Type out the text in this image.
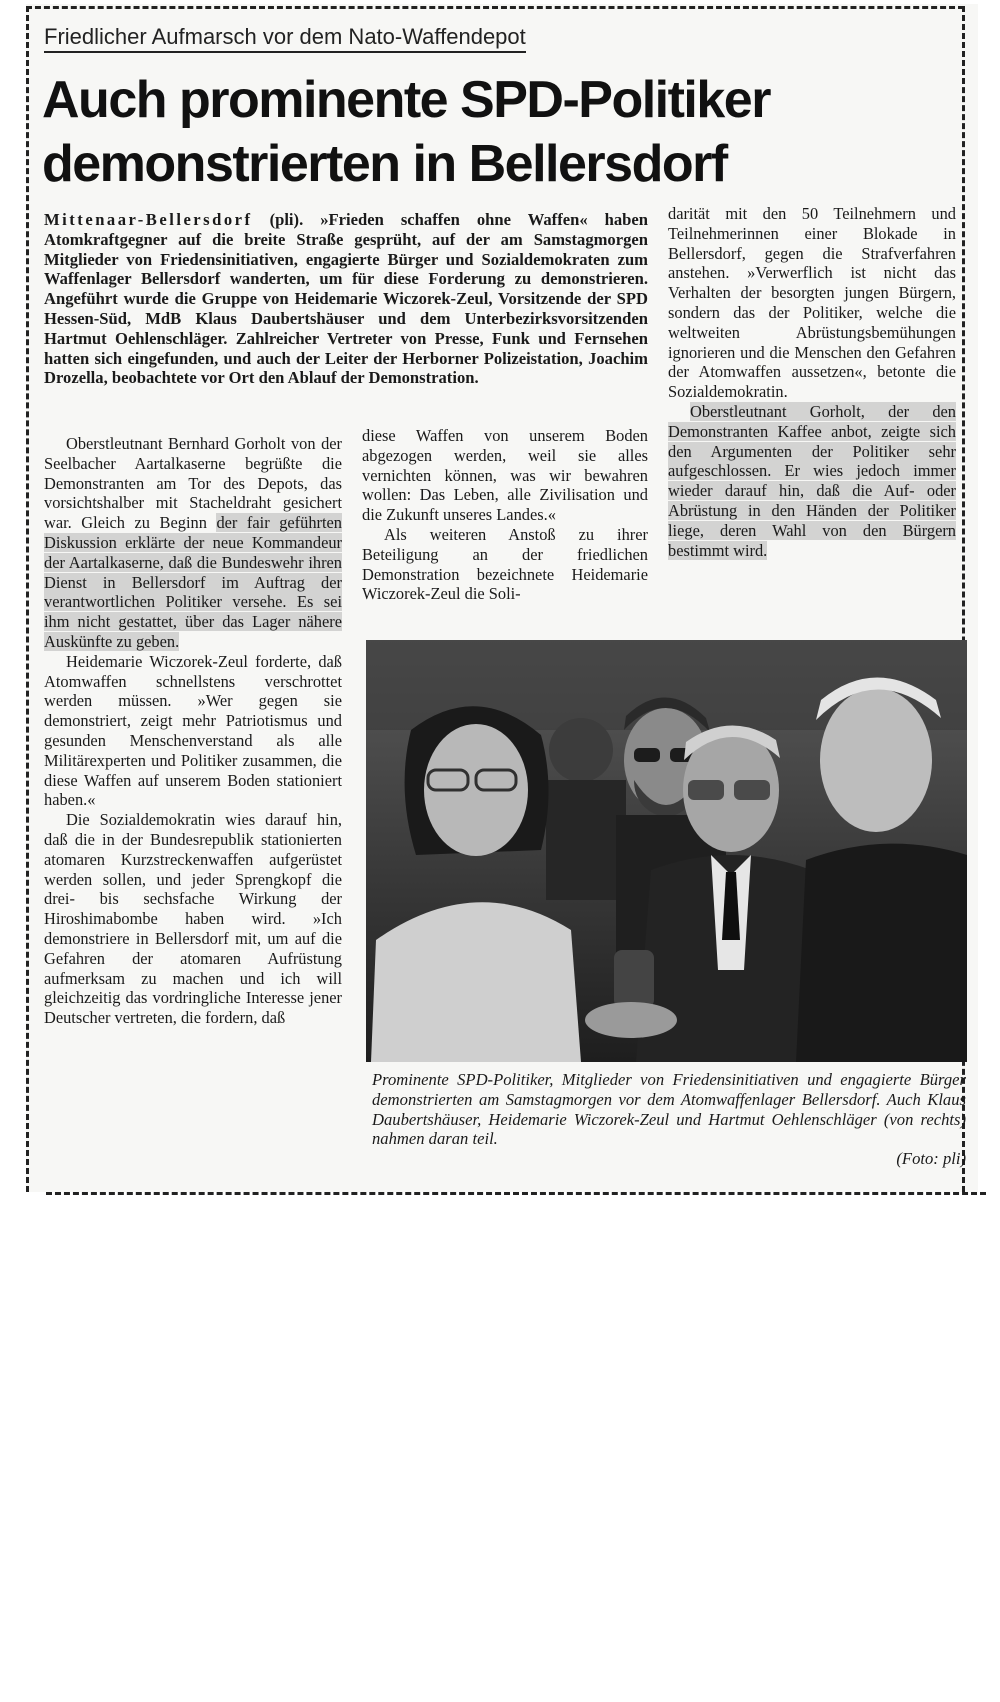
Friedlicher Aufmarsch vor dem Nato-Waffendepot
Auch prominente SPD-Politiker
demonstrierten in Bellersdorf
Mittenaar-Bellersdorf (pli). »Frieden schaffen ohne Waffen« haben Atomkraftgegner auf die breite Straße gesprüht, auf der am Samstagmorgen Mitglieder von Friedensinitiativen, engagierte Bürger und Sozialdemokraten zum Waffenlager Bellersdorf wanderten, um für diese Forderung zu demonstrieren. Angeführt wurde die Gruppe von Heidemarie Wiczorek-Zeul, Vorsitzende der SPD Hessen-Süd, MdB Klaus Daubertshäuser und dem Unterbezirksvorsitzenden Hartmut Oehlenschläger. Zahlreicher Vertreter von Presse, Funk und Fernsehen hatten sich eingefunden, und auch der Leiter der Herborner Polizeistation, Joachim Drozella, beobachtete vor Ort den Ablauf der Demonstration.

Oberstleutnant Bernhard Gorholt von der Seelbacher Aartalkaserne begrüßte die Demonstranten am Tor des Depots, das vorsichtshalber mit Stacheldraht gesichert war. Gleich zu Beginn der fair geführten Diskussion erklärte der neue Kommandeur der Aartalkaserne, daß die Bundeswehr ihren Dienst in Bellersdorf im Auftrag der verantwortlichen Politiker versehe. Es sei ihm nicht gestattet, über das Lager nähere Auskünfte zu geben.

Heidemarie Wiczorek-Zeul forderte, daß Atomwaffen schnellstens verschrottet werden müssen. »Wer gegen sie demonstriert, zeigt mehr Patriotismus und gesunden Menschenverstand als alle Militärexperten und Politiker zusammen, die diese Waffen auf unserem Boden stationiert haben.«

Die Sozialdemokratin wies darauf hin, daß die in der Bundesrepublik stationierten atomaren Kurzstreckenwaffen aufgerüstet werden sollen, und jeder Sprengkopf die drei- bis sechsfache Wirkung der Hiroshimabombe haben wird. »Ich demonstriere in Bellersdorf mit, um auf die Gefahren der atomaren Aufrüstung aufmerksam zu machen und ich will gleichzeitig das vordringliche Interesse jener Deutscher vertreten, die fordern, daß

diese Waffen von unserem Boden abgezogen werden, weil sie alles vernichten können, was wir bewahren wollen: Das Leben, alle Zivilisation und die Zukunft unseres Landes.«

Als weiteren Anstoß zu ihrer Beteiligung an der friedlichen Demonstration bezeichnete Heidemarie Wiczorek-Zeul die Soli-

darität mit den 50 Teilnehmern und Teilnehmerinnen einer Blokade in Bellersdorf, gegen die Strafverfahren anstehen. »Verwerflich ist nicht das Verhalten der besorgten jungen Bürgern, sondern das der Politiker, welche die weltweiten Abrüstungsbemühungen ignorieren und die Menschen den Gefahren der Atomwaffen aussetzen«, betonte die Sozialdemokratin.

Oberstleutnant Gorholt, der den Demonstranten Kaffee anbot, zeigte sich den Argumenten der Politiker sehr aufgeschlossen. Er wies jedoch immer wieder darauf hin, daß die Auf- oder Abrüstung in den Händen der Politiker liege, deren Wahl von den Bürgern bestimmt wird.

Prominente SPD-Politiker, Mitglieder von Friedensinitiativen und engagierte Bürger demonstrierten am Samstagmorgen vor dem Atomwaffenlager Bellersdorf. Auch Klaus Daubertshäuser, Heidemarie Wiczorek-Zeul und Hartmut Oehlenschläger (von rechts) nahmen daran teil.
(Foto: pli)
